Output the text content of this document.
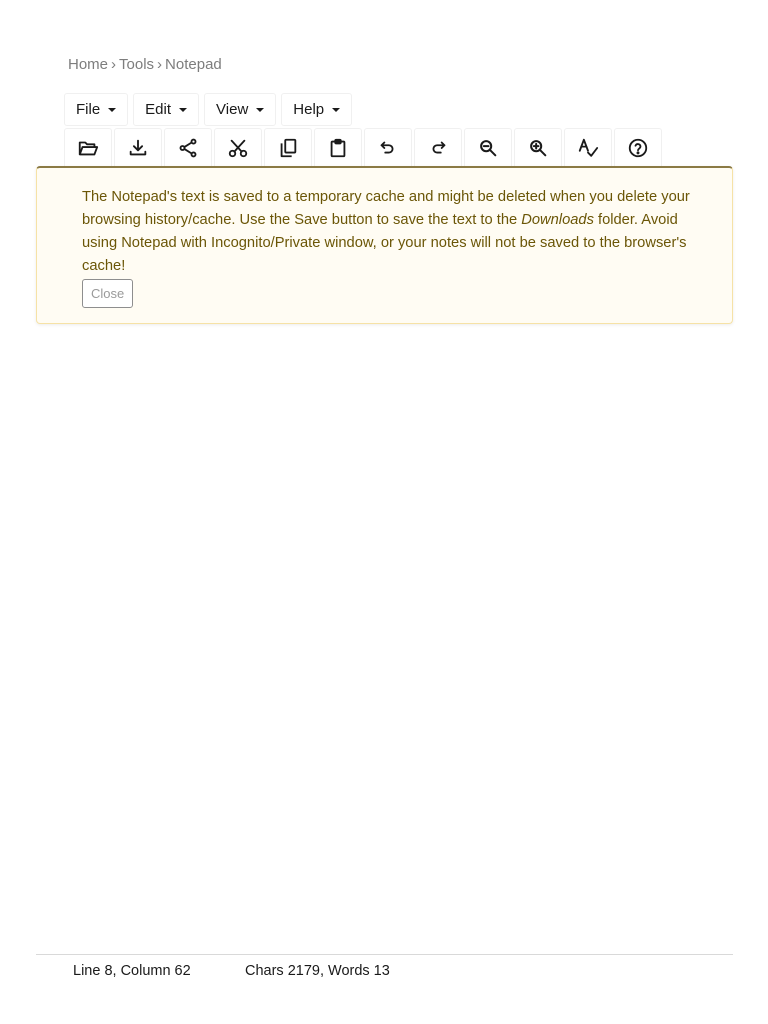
Home › Tools › Notepad
File	Edit	View	Help
The Notepad's text is saved to a temporary cache and might be deleted when you delete your browsing history/cache. Use the Save button to save the text to the Downloads folder. Avoid using Notepad with Incognito/Private window, or your notes will not be saved to the browser's cache!
Close
Line 8, Column 62	Chars 2179, Words 13
